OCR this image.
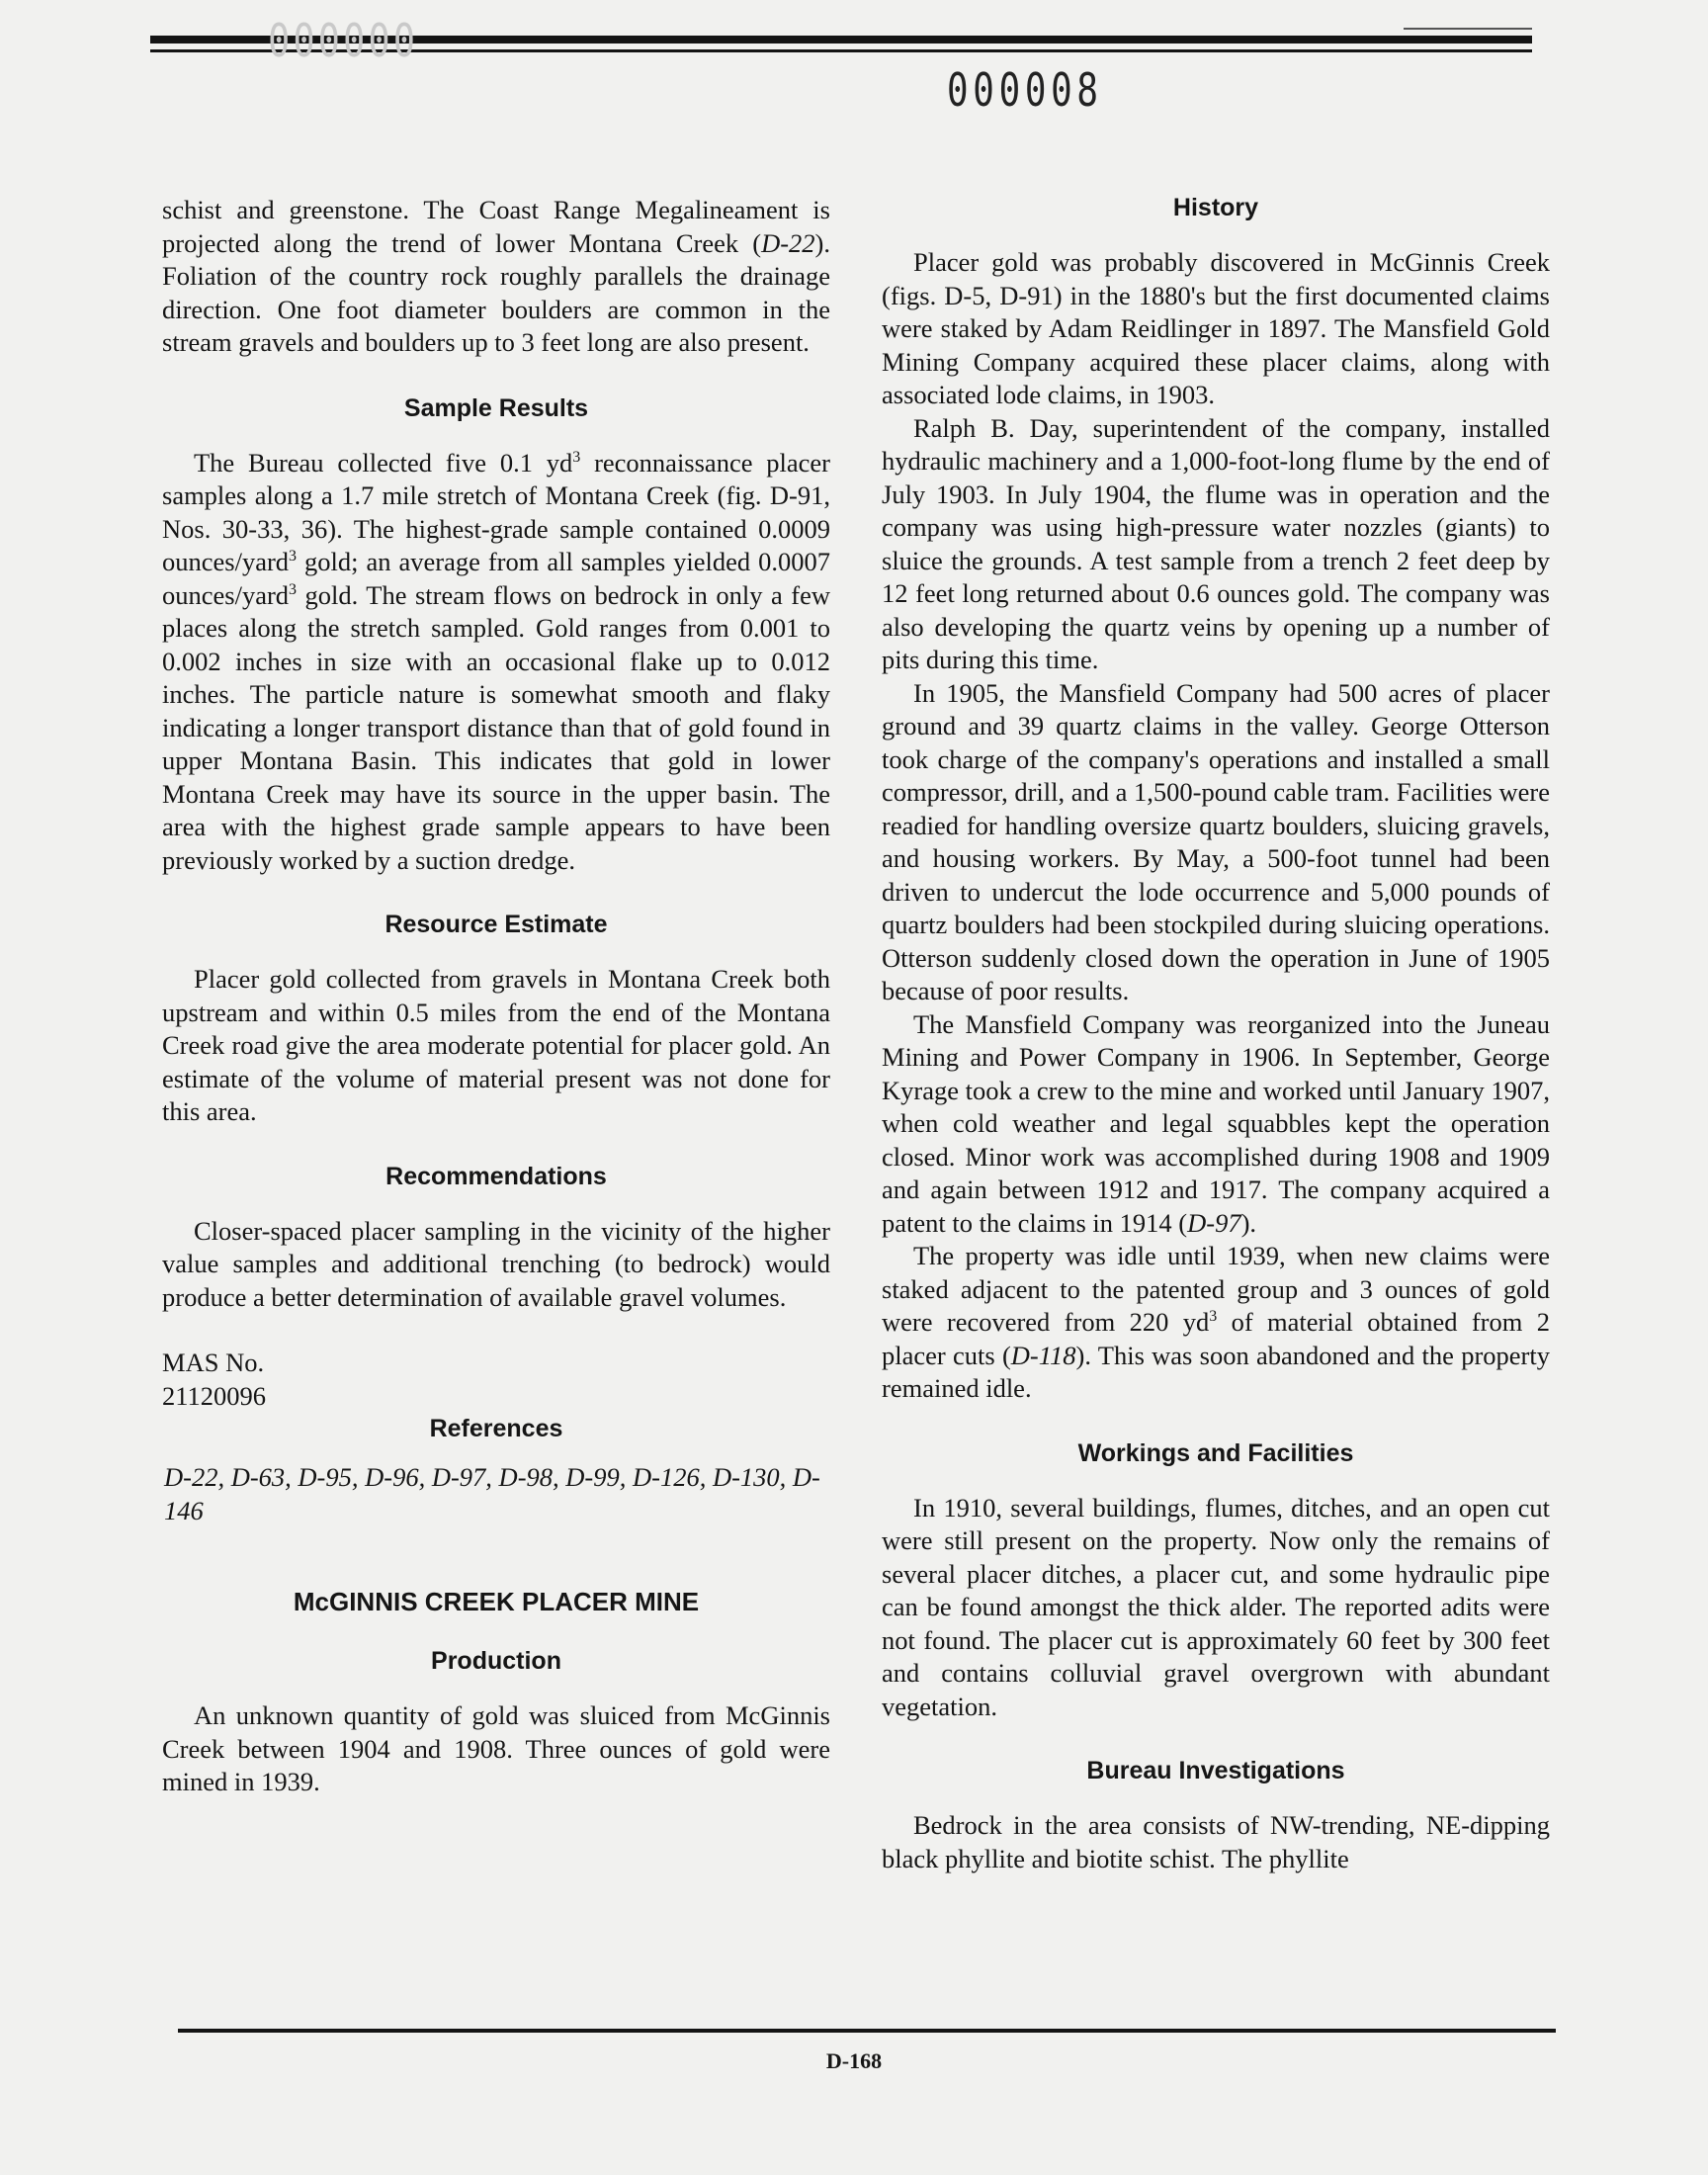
000000
000008

schist and greenstone. The Coast Range Megalineament is projected along the trend of lower Montana Creek (D-22). Foliation of the country rock roughly parallels the drainage direction. One foot diameter boulders are common in the stream gravels and boulders up to 3 feet long are also present.

Sample Results

The Bureau collected five 0.1 $yd^3$ reconnaissance placer samples along a 1.7 mile stretch of Montana Creek (fig. D-91, Nos. 30-33, 36). The highest-grade sample contained 0.0009 ounces/yard$^3$ gold; an average from all samples yielded 0.0007 ounces/yard$^3$ gold. The stream flows on bedrock in only a few places along the stretch sampled. Gold ranges from 0.001 to 0.002 inches in size with an occasional flake up to 0.012 inches. The particle nature is somewhat smooth and flaky indicating a longer transport distance than that of gold found in upper Montana Basin. This indicates that gold in lower Montana Creek may have its source in the upper basin. The area with the highest grade sample appears to have been previously worked by a suction dredge.

Resource Estimate

Placer gold collected from gravels in Montana Creek both upstream and within 0.5 miles from the end of the Montana Creek road give the area moderate potential for placer gold. An estimate of the volume of material present was not done for this area.

Recommendations

Closer-spaced placer sampling in the vicinity of the higher value samples and additional trenching (to bedrock) would produce a better determination of available gravel volumes.

MAS No.

21120096

References

D-22, D-63, D-95, D-96, D-97, D-98, D-99, D-126, D-130, D-146

McGINNIS CREEK PLACER MINE
Production

An unknown quantity of gold was sluiced from McGinnis Creek between 1904 and 1908. Three ounces of gold were mined in 1939.

History

Placer gold was probably discovered in McGinnis Creek (figs. D-5, D-91) in the 1880's but the first documented claims were staked by Adam Reidlinger in 1897. The Mansfield Gold Mining Company acquired these placer claims, along with associated lode claims, in 1903.

Ralph B. Day, superintendent of the company, installed hydraulic machinery and a 1,000-foot-long flume by the end of July 1903. In July 1904, the flume was in operation and the company was using high-pressure water nozzles (giants) to sluice the grounds. A test sample from a trench 2 feet deep by 12 feet long returned about 0.6 ounces gold. The company was also developing the quartz veins by opening up a number of pits during this time.

In 1905, the Mansfield Company had 500 acres of placer ground and 39 quartz claims in the valley. George Otterson took charge of the company's operations and installed a small compressor, drill, and a 1,500-pound cable tram. Facilities were readied for handling oversize quartz boulders, sluicing gravels, and housing workers. By May, a 500-foot tunnel had been driven to undercut the lode occurrence and 5,000 pounds of quartz boulders had been stockpiled during sluicing operations. Otterson suddenly closed down the operation in June of 1905 because of poor results.

The Mansfield Company was reorganized into the Juneau Mining and Power Company in 1906. In September, George Kyrage took a crew to the mine and worked until January 1907, when cold weather and legal squabbles kept the operation closed. Minor work was accomplished during 1908 and 1909 and again between 1912 and 1917. The company acquired a patent to the claims in 1914 (D-97).

The property was idle until 1939, when new claims were staked adjacent to the patented group and 3 ounces of gold were recovered from 220 $yd^3$ of material obtained from 2 placer cuts (D-118). This was soon abandoned and the property remained idle.

Workings and Facilities

In 1910, several buildings, flumes, ditches, and an open cut were still present on the property. Now only the remains of several placer ditches, a placer cut, and some hydraulic pipe can be found amongst the thick alder. The reported adits were not found. The placer cut is approximately 60 feet by 300 feet and contains colluvial gravel overgrown with abundant vegetation.

Bureau Investigations

Bedrock in the area consists of NW-trending, NE-dipping black phyllite and biotite schist. The phyllite

D-168
